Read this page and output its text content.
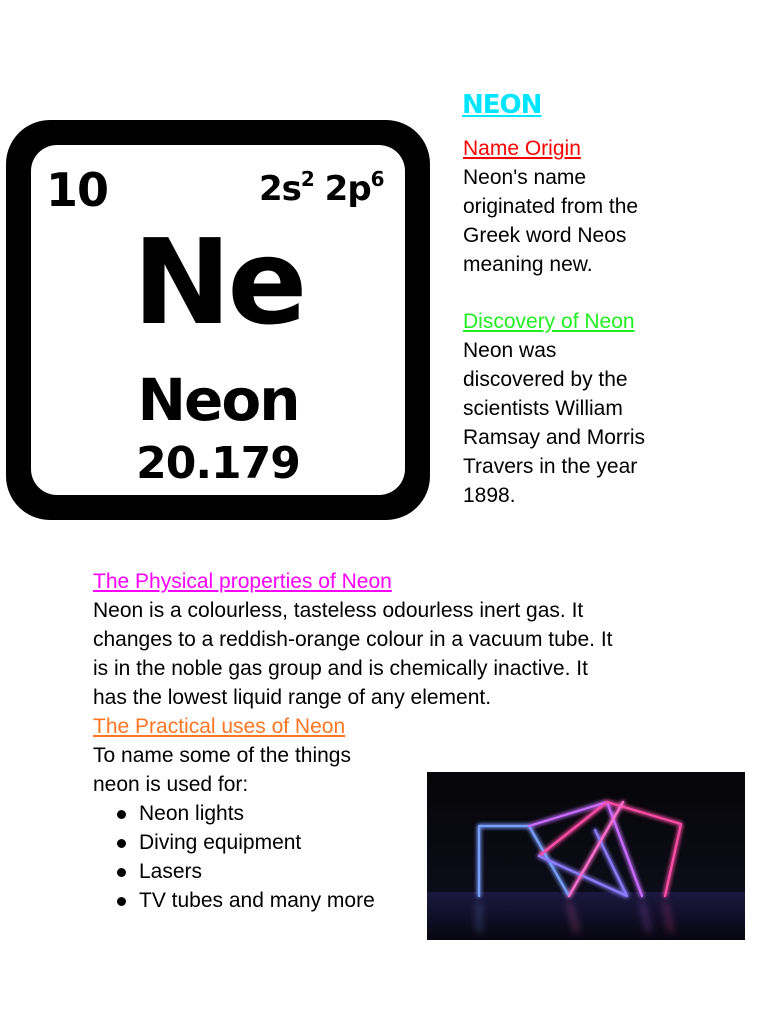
10	$2s^2$ $2p^6$
Ne
Neon
20.179
NEON
Name Origin
Neon's name
originated from the
Greek word Neos
meaning new.
Discovery of Neon
Neon was
discovered by the
scientists William
Ramsay and Morris
Travers in the year
1898.
The Physical properties of Neon
Neon is a colourless, tasteless odourless inert gas. It
changes to a reddish-orange colour in a vacuum tube. It
is in the noble gas group and is chemically inactive. It
has the lowest liquid range of any element.
The Practical uses of Neon
To name some of the things
neon is used for:
Neon lights
Diving equipment
Lasers
TV tubes and many more
